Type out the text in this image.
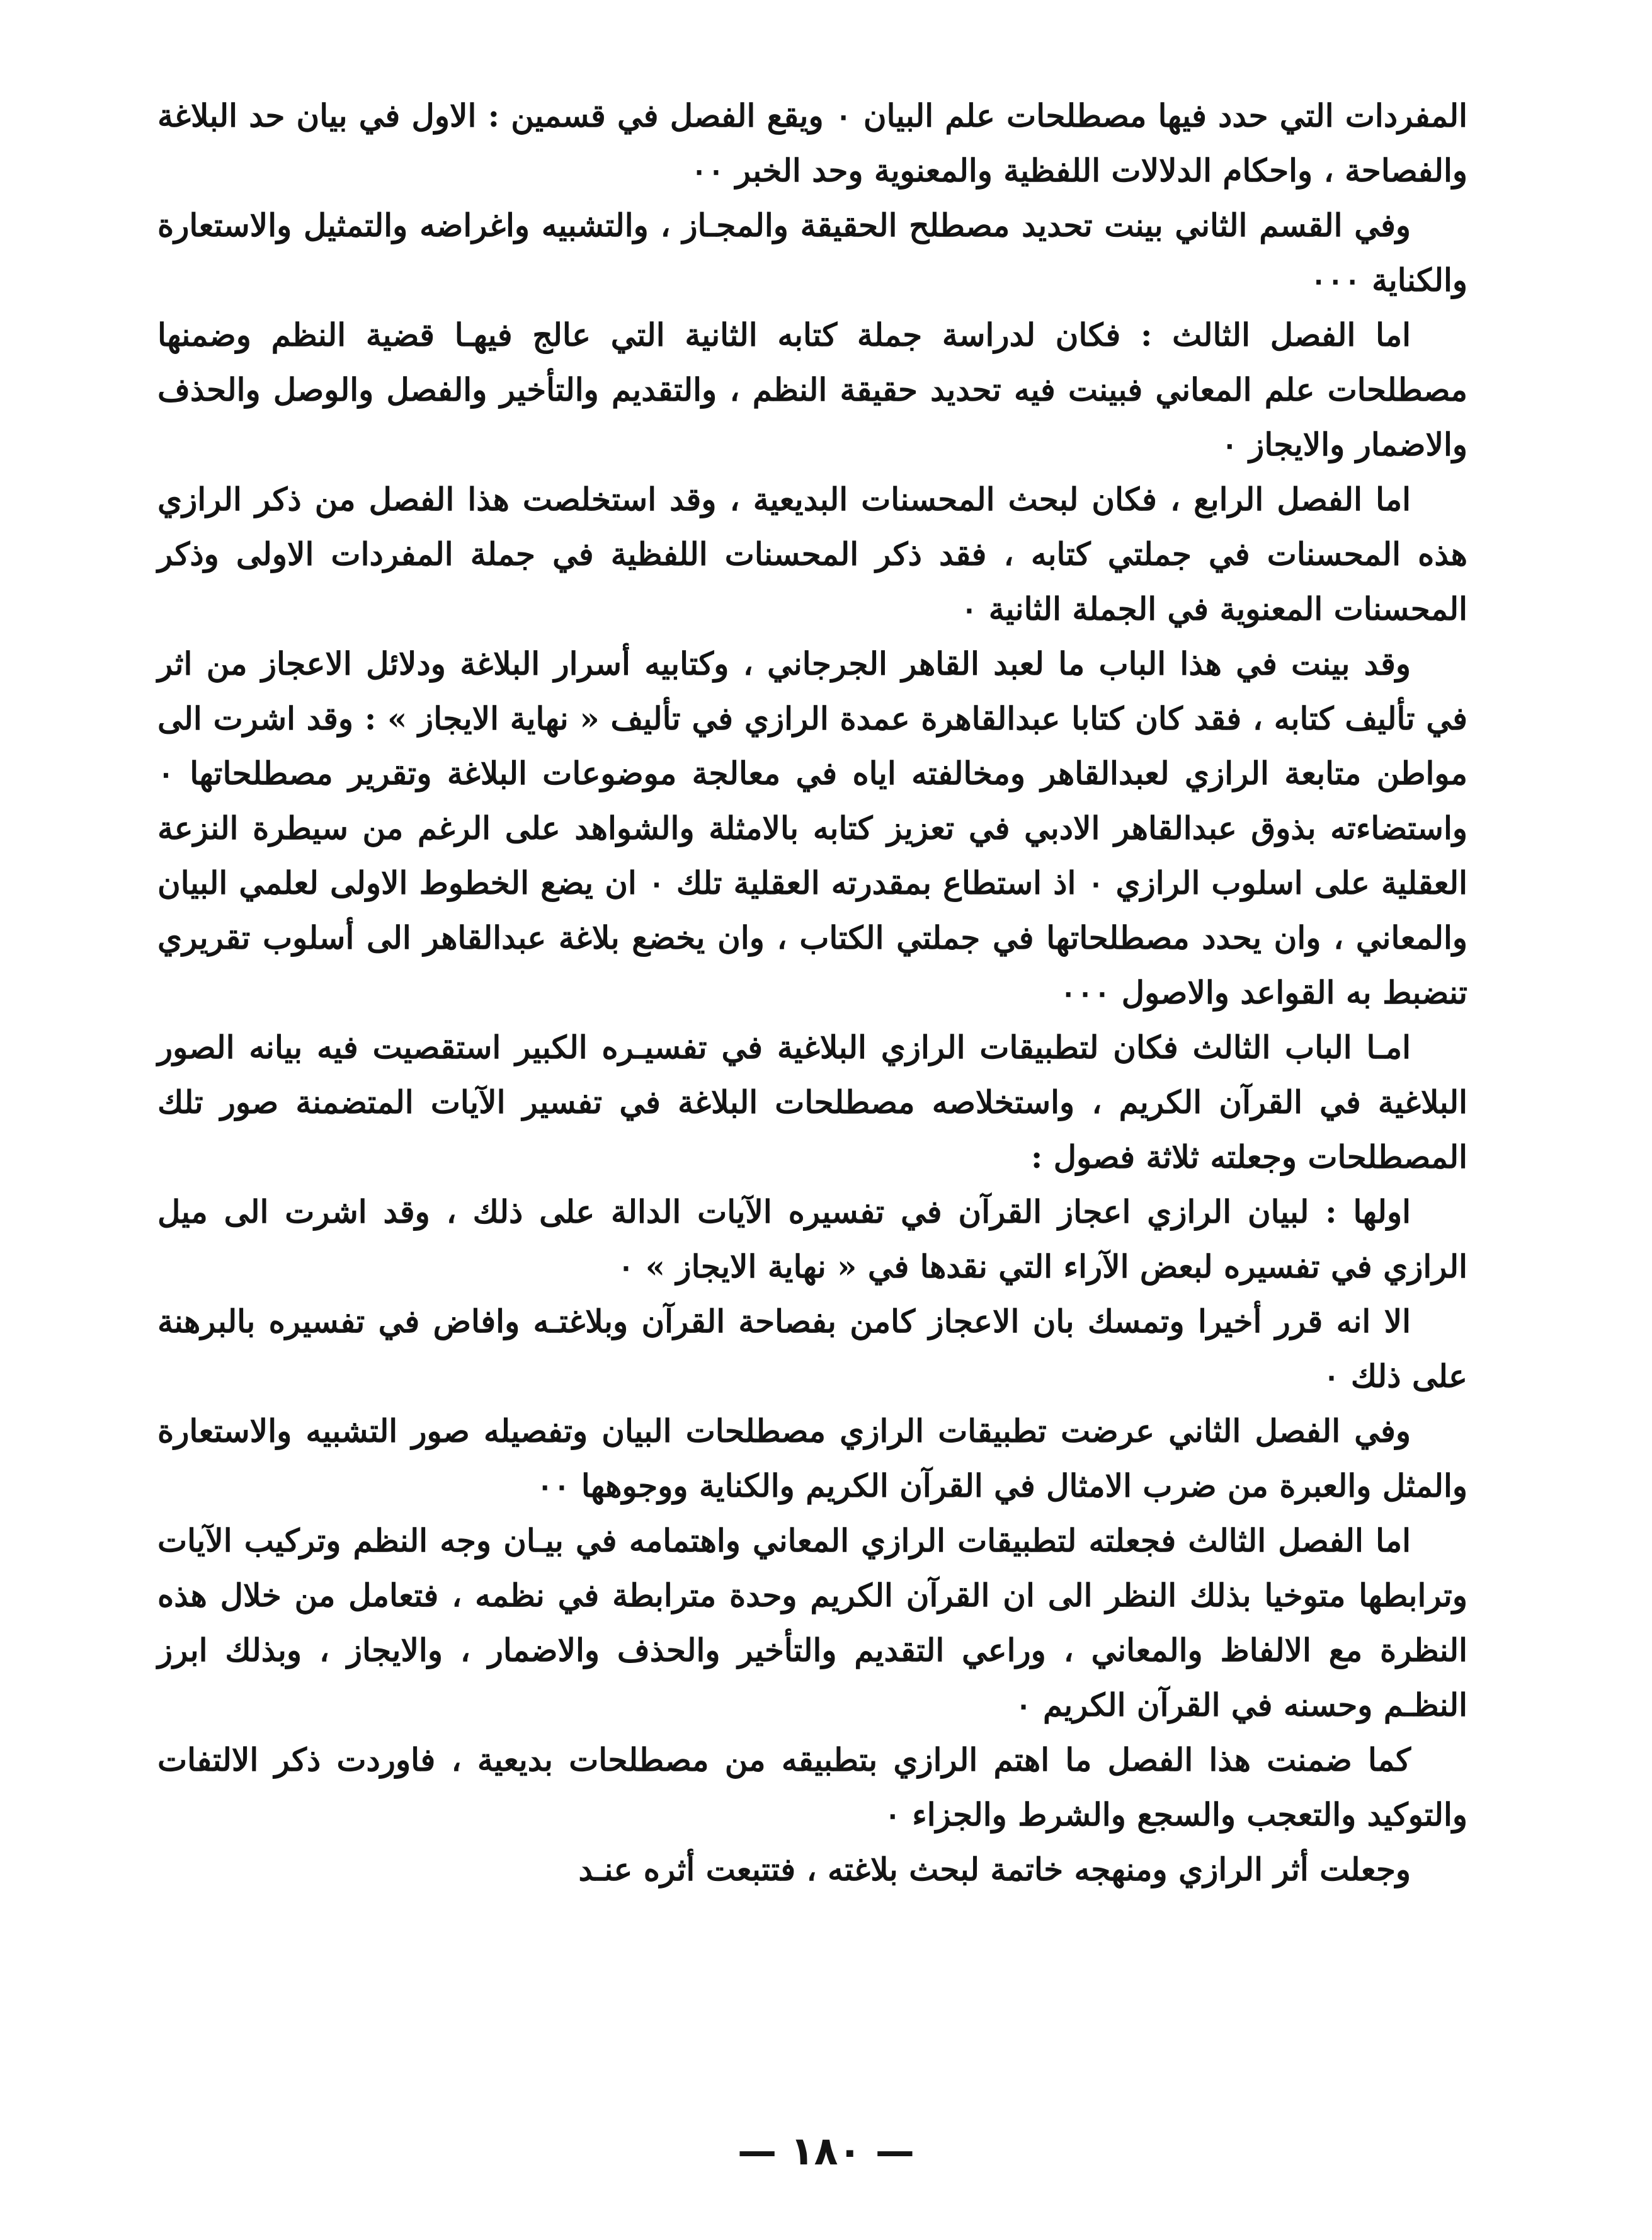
المفردات التي حدد فيها مصطلحات علم البيان ٠ ويقع الفصل في قسمين : الاول في بيان حد البلاغة والفصاحة ، واحكام الدلالات اللفظية والمعنوية وحد الخبر ٠٠

وفي القسم الثاني بينت تحديد مصطلح الحقيقة والمجـاز ، والتشبيه واغراضه والتمثيل والاستعارة والكناية ٠٠٠

اما الفصل الثالث : فكان لدراسة جملة كتابه الثانية التي عالج فيهـا قضية النظم وضمنها مصطلحات علم المعاني فبينت فيه تحديد حقيقة النظم ، والتقديم والتأخير والفصل والوصل والحذف والاضمار والايجاز ٠

اما الفصل الرابع ، فكان لبحث المحسنات البديعية ، وقد استخلصت هذا الفصل من ذكر الرازي هذه المحسنات في جملتي كتابه ، فقد ذكر المحسنات اللفظية في جملة المفردات الاولى وذكر المحسنات المعنوية في الجملة الثانية ٠

وقد بينت في هذا الباب ما لعبد القاهر الجرجاني ، وكتابيه أسرار البلاغة ودلائل الاعجاز من اثر في تأليف كتابه ، فقد كان كتابا عبدالقاهرة عمدة الرازي في تأليف « نهاية الايجاز » : وقد اشرت الى مواطن متابعة الرازي لعبدالقاهر ومخالفته اياه في معالجة موضوعات البلاغة وتقرير مصطلحاتها ٠ واستضاءته بذوق عبدالقاهر الادبي في تعزيز كتابه بالامثلة والشواهد على الرغم من سيطرة النزعة العقلية على اسلوب الرازي ٠ اذ استطاع بمقدرته العقلية تلك ٠ ان يضع الخطوط الاولى لعلمي البيان والمعاني ، وان يحدد مصطلحاتها في جملتي الكتاب ، وان يخضع بلاغة عبدالقاهر الى أسلوب تقريري تنضبط به القواعد والاصول ٠٠٠

امـا الباب الثالث فكان لتطبيقات الرازي البلاغية في تفسيـره الكبير استقصيت فيه بيانه الصور البلاغية في القرآن الكريم ، واستخلاصه مصطلحات البلاغة في تفسير الآيات المتضمنة صور تلك المصطلحات وجعلته ثلاثة فصول :

اولها : لبيان الرازي اعجاز القرآن في تفسيره الآيات الدالة على ذلك ، وقد اشرت الى ميل الرازي في تفسيره لبعض الآراء التي نقدها في « نهاية الايجاز » ٠

الا انه قرر أخيرا وتمسك بان الاعجاز كامن بفصاحة القرآن وبلاغتـه وافاض في تفسيره بالبرهنة على ذلك ٠

وفي الفصل الثاني عرضت تطبيقات الرازي مصطلحات البيان وتفصيله صور التشبيه والاستعارة والمثل والعبرة من ضرب الامثال في القرآن الكريم والكناية ووجوهها ٠٠

اما الفصل الثالث فجعلته لتطبيقات الرازي المعاني واهتمامه في بيـان وجه النظم وتركيب الآيات وترابطها متوخيا بذلك النظر الى ان القرآن الكريم وحدة مترابطة في نظمه ، فتعامل من خلال هذه النظرة مع الالفاظ والمعاني ، وراعي التقديم والتأخير والحذف والاضمار ، والايجاز ، وبذلك ابرز النظـم وحسنه في القرآن الكريم ٠

كما ضمنت هذا الفصل ما اهتم الرازي بتطبيقه من مصطلحات بديعية ، فاوردت ذكر الالتفات والتوكيد والتعجب والسجع والشرط والجزاء ٠

وجعلت أثر الرازي ومنهجه خاتمة لبحث بلاغته ، فتتبعت أثره عنـد

— ١٨٠ —
